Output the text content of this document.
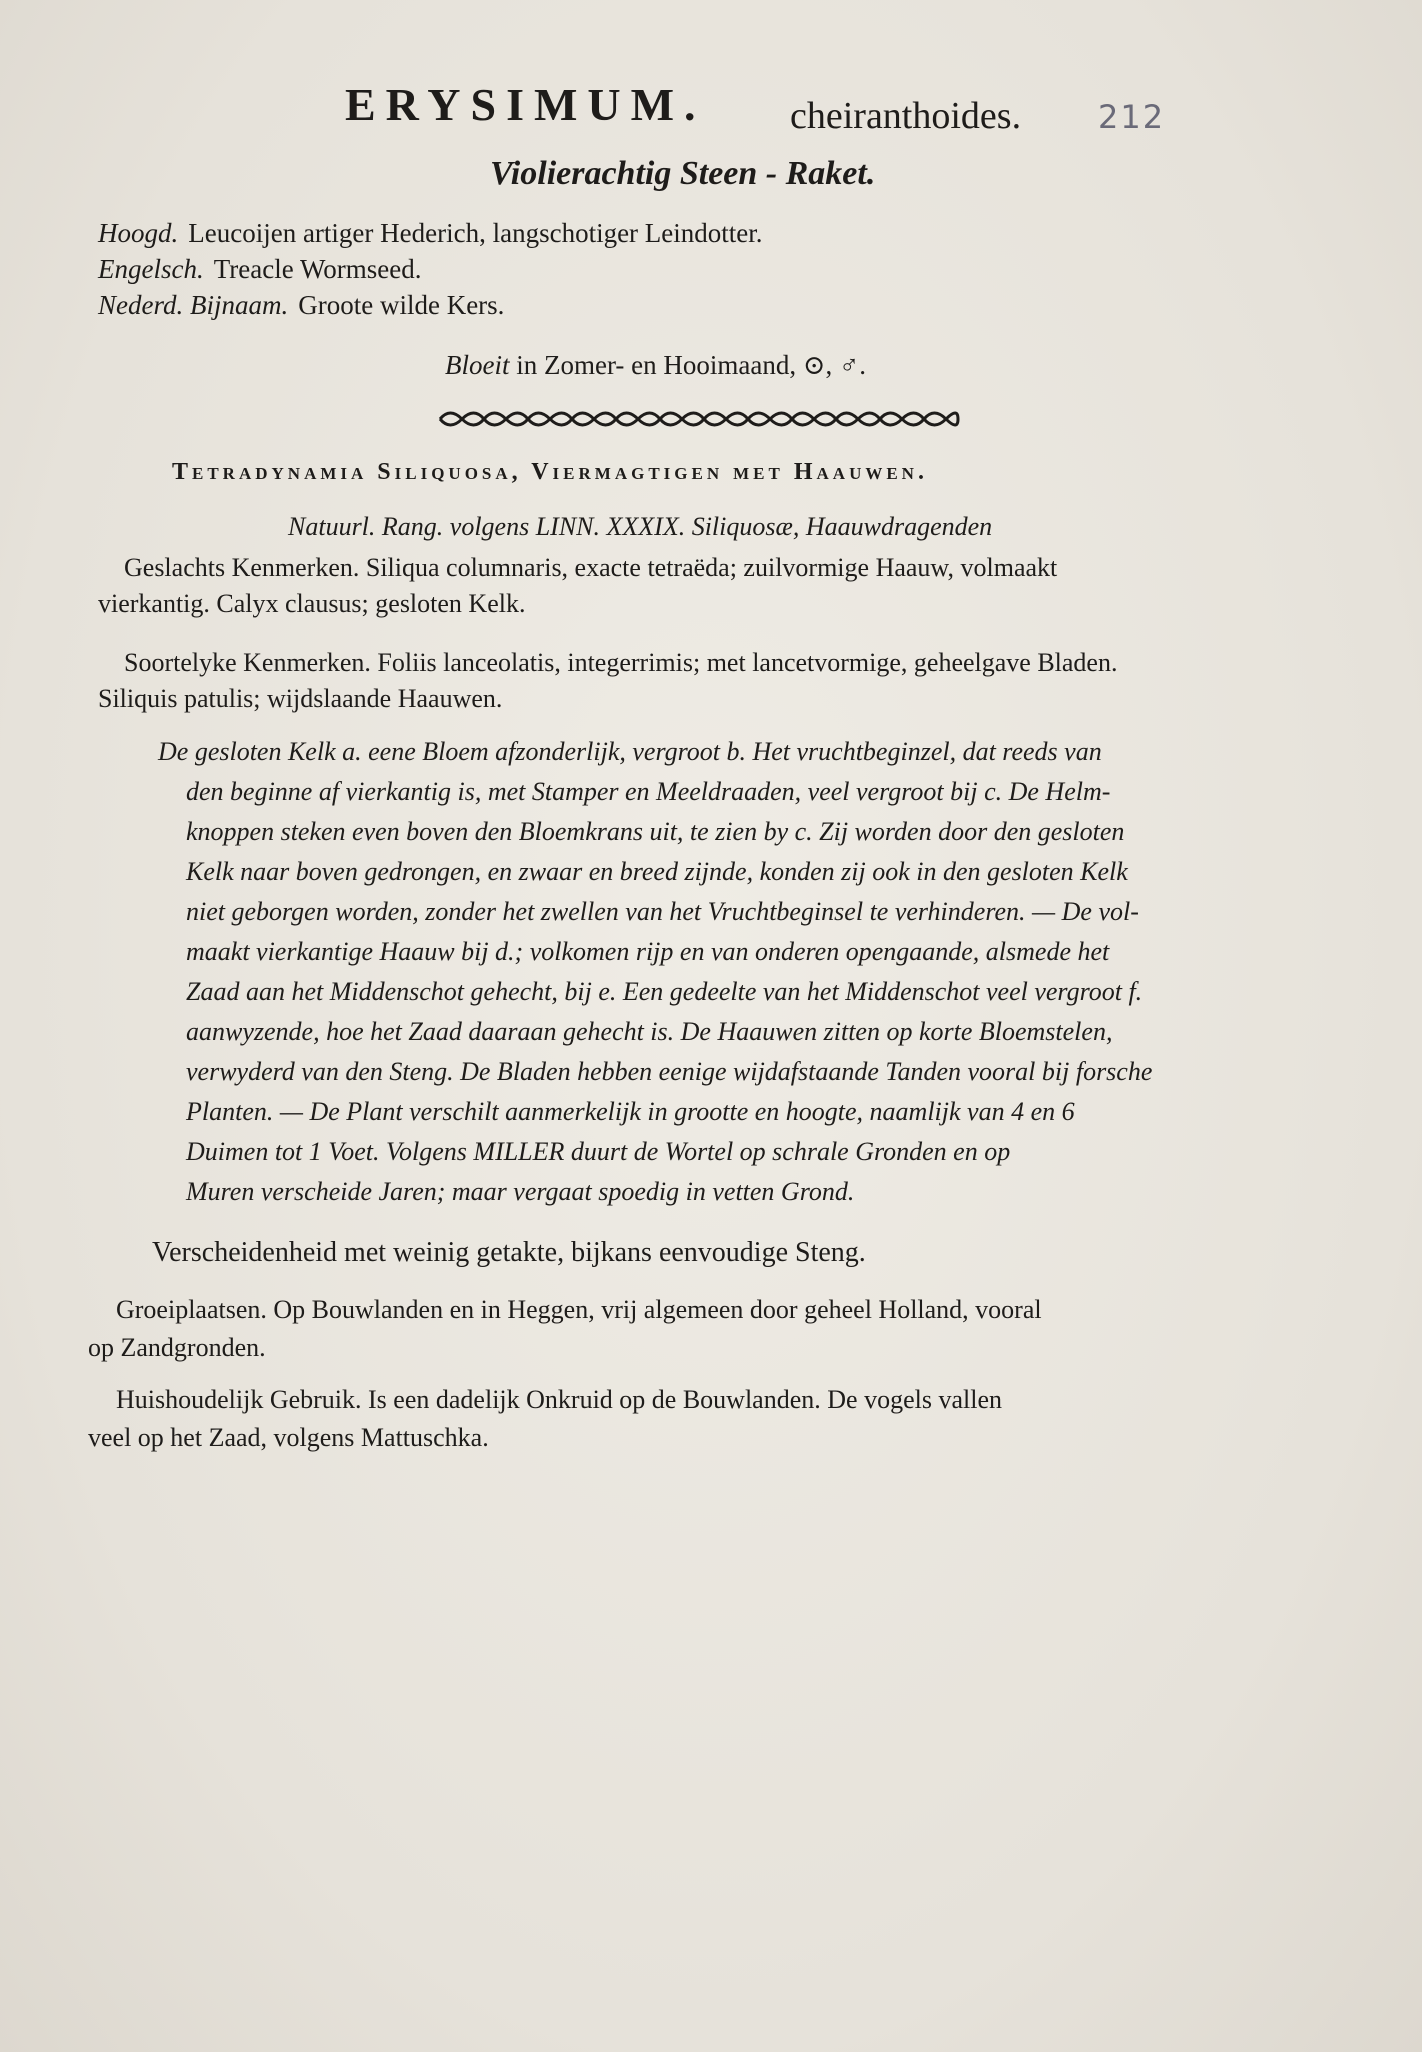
ERYSIMUM. cheiranthoides. 212
Violierachtig Steen - Raket.
Hoogd. Leucoijen artiger Hederich, langschotiger Leindotter.
Engelsch. Treacle Wormseed.
Nederd. Bijnaam. Groote wilde Kers.
Bloeit in Zomer- en Hooimaand, ⊙, ♂.
Tetradynamia Siliquosa, Viermagtigen met Haauwen.
Natuurl. Rang. volgens LINN. XXXIX. Siliquosæ, Haauwdragenden
Geslachts Kenmerken. Siliqua columnaris, exacte tetraëda; zuilvormige Haauw, volmaakt
vierkantig. Calyx clausus; gesloten Kelk.
Soortelyke Kenmerken. Foliis lanceolatis, integerrimis; met lancetvormige, geheelgave Bladen.
Siliquis patulis; wijdslaande Haauwen.
De gesloten Kelk a. eene Bloem afzonderlijk, vergroot b. Het vruchtbeginzel, dat reeds van
den beginne af vierkantig is, met Stamper en Meeldraaden, veel vergroot bij c. De Helm-
knoppen steken even boven den Bloemkrans uit, te zien by c. Zij worden door den gesloten
Kelk naar boven gedrongen, en zwaar en breed zijnde, konden zij ook in den gesloten Kelk
niet geborgen worden, zonder het zwellen van het Vruchtbeginsel te verhinderen. — De vol-
maakt vierkantige Haauw bij d.; volkomen rijp en van onderen opengaande, alsmede het
Zaad aan het Middenschot gehecht, bij e. Een gedeelte van het Middenschot veel vergroot f.
aanwyzende, hoe het Zaad daaraan gehecht is. De Haauwen zitten op korte Bloemstelen,
verwyderd van den Steng. De Bladen hebben eenige wijdafstaande Tanden vooral bij forsche
Planten. — De Plant verschilt aanmerkelijk in grootte en hoogte, naamlijk van 4 en 6
Duimen tot 1 Voet. Volgens MILLER duurt de Wortel op schrale Gronden en op
Muren verscheide Jaren; maar vergaat spoedig in vetten Grond.
Verscheidenheid met weinig getakte, bijkans eenvoudige Steng.
Groeiplaatsen. Op Bouwlanden en in Heggen, vrij algemeen door geheel Holland, vooral
op Zandgronden.
Huishoudelijk Gebruik. Is een dadelijk Onkruid op de Bouwlanden. De vogels vallen
veel op het Zaad, volgens Mattuschka.
